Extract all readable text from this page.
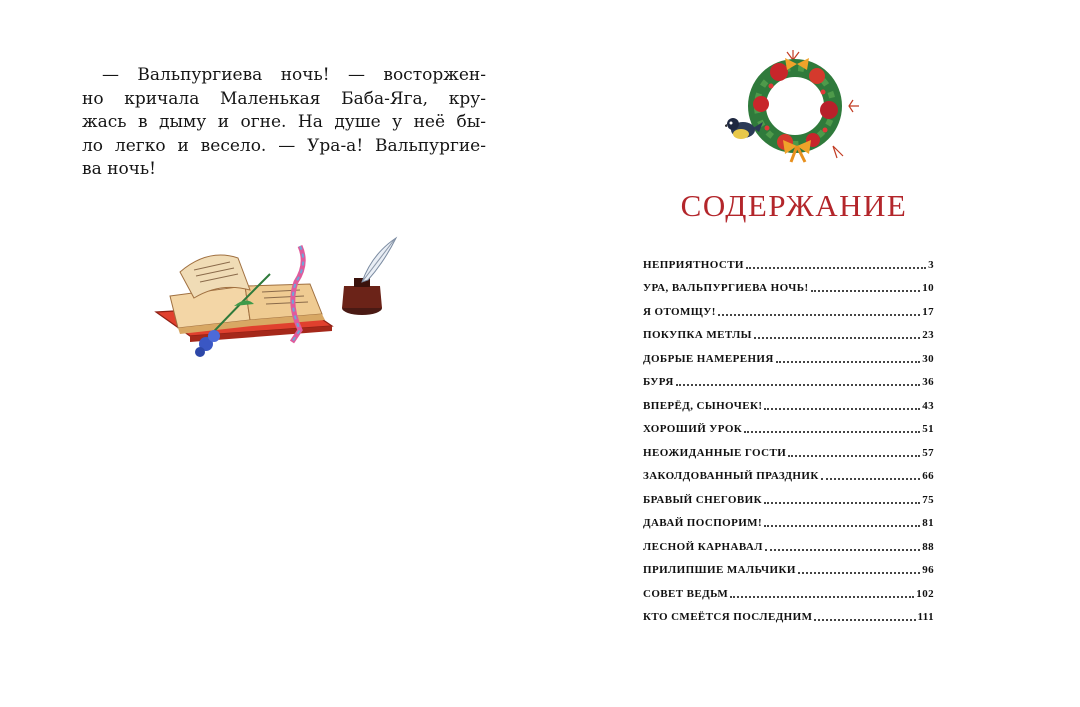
— Вальпургиева ночь! — восторжен-
но кричала Маленькая Баба-Яга, кру-
жась в дыму и огне. На душе у неё бы-
ло легко и весело. — Ура-а! Вальпургие-
ва ночь!
СОДЕРЖАНИЕ
НЕПРИЯТНОСТИ	3
УРА, ВАЛЬПУРГИЕВА НОЧЬ!	10
Я ОТОМЩУ!	17
ПОКУПКА МЕТЛЫ	23
ДОБРЫЕ НАМЕРЕНИЯ	30
БУРЯ	36
ВПЕРЁД, СЫНОЧЕК!	43
ХОРОШИЙ УРОК	51
НЕОЖИДАННЫЕ ГОСТИ	57
ЗАКОЛДОВАННЫЙ ПРАЗДНИК	66
БРАВЫЙ СНЕГОВИК	75
ДАВАЙ ПОСПОРИМ!	81
ЛЕСНОЙ КАРНАВАЛ	88
ПРИЛИПШИЕ МАЛЬЧИКИ	96
СОВЕТ ВЕДЬМ	102
КТО СМЕЁТСЯ ПОСЛЕДНИМ	111
